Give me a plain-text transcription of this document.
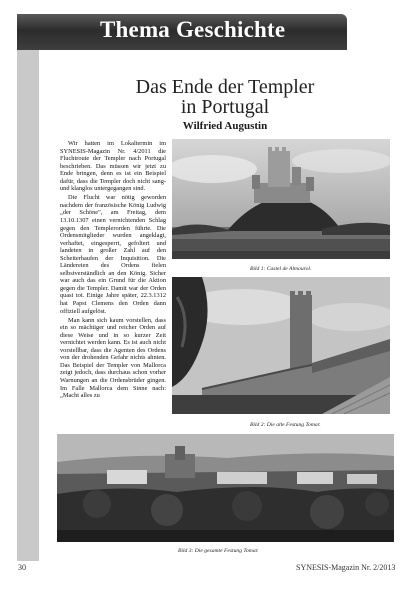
Thema Geschichte
Das Ende der Templer
in Portugal
Wilfried Augustin

Wir hatten im Lokaltermin im SYNESIS-Magazin Nr. 4/2011 die Fluchtroute der Templer nach Portugal beschrieben. Das müssen wir jetzt zu Ende bringen, denn es ist ein Beispiel dafür, dass die Templer doch nicht sang- und klanglos untergegangen sind.

Die Flucht war nötig geworden nachdem der französische König Ludwig „der Schöne", am Freitag, dem 13.10.1307 einen vernichtenden Schlag gegen den Templerorden führte. Die Ordensmitglieder wurden angeklagt, verhaftet, eingesperrt, gefoltert und landeten in großer Zahl auf den Scheiterhaufen der Inquisition. Die Ländereien des Ordens fielen selbstverständlich an den König. Sicher war auch das ein Grund für die Aktion gegen die Templer. Damit war der Orden quasi tot. Einige Jahre später, 22.3.1312 hat Papst Clemens den Orden dann offiziell aufgelöst.

Man kann sich kaum vorstellen, dass ein so mächtiger und reicher Orden auf diese Weise und in so kurzer Zeit vernichtet werden kann. Es ist auch nicht vorstellbar, dass die Agenten des Ordens von der drohenden Gefahr nichts ahnten. Das Beispiel der Templer von Mallorca zeigt jedoch, dass durchaus schon vorher Warnungen an die Ordensbrüder gingen. Im Falle Mallorca dem Sinne nach: „Macht alles zu

Bild 1: Castel de Almourol.
Bild 2: Die alte Festung Tomar.
Bild 3: Die gesamte Festung Tomar.
30	SYNESIS-Magazin Nr. 2/2013
